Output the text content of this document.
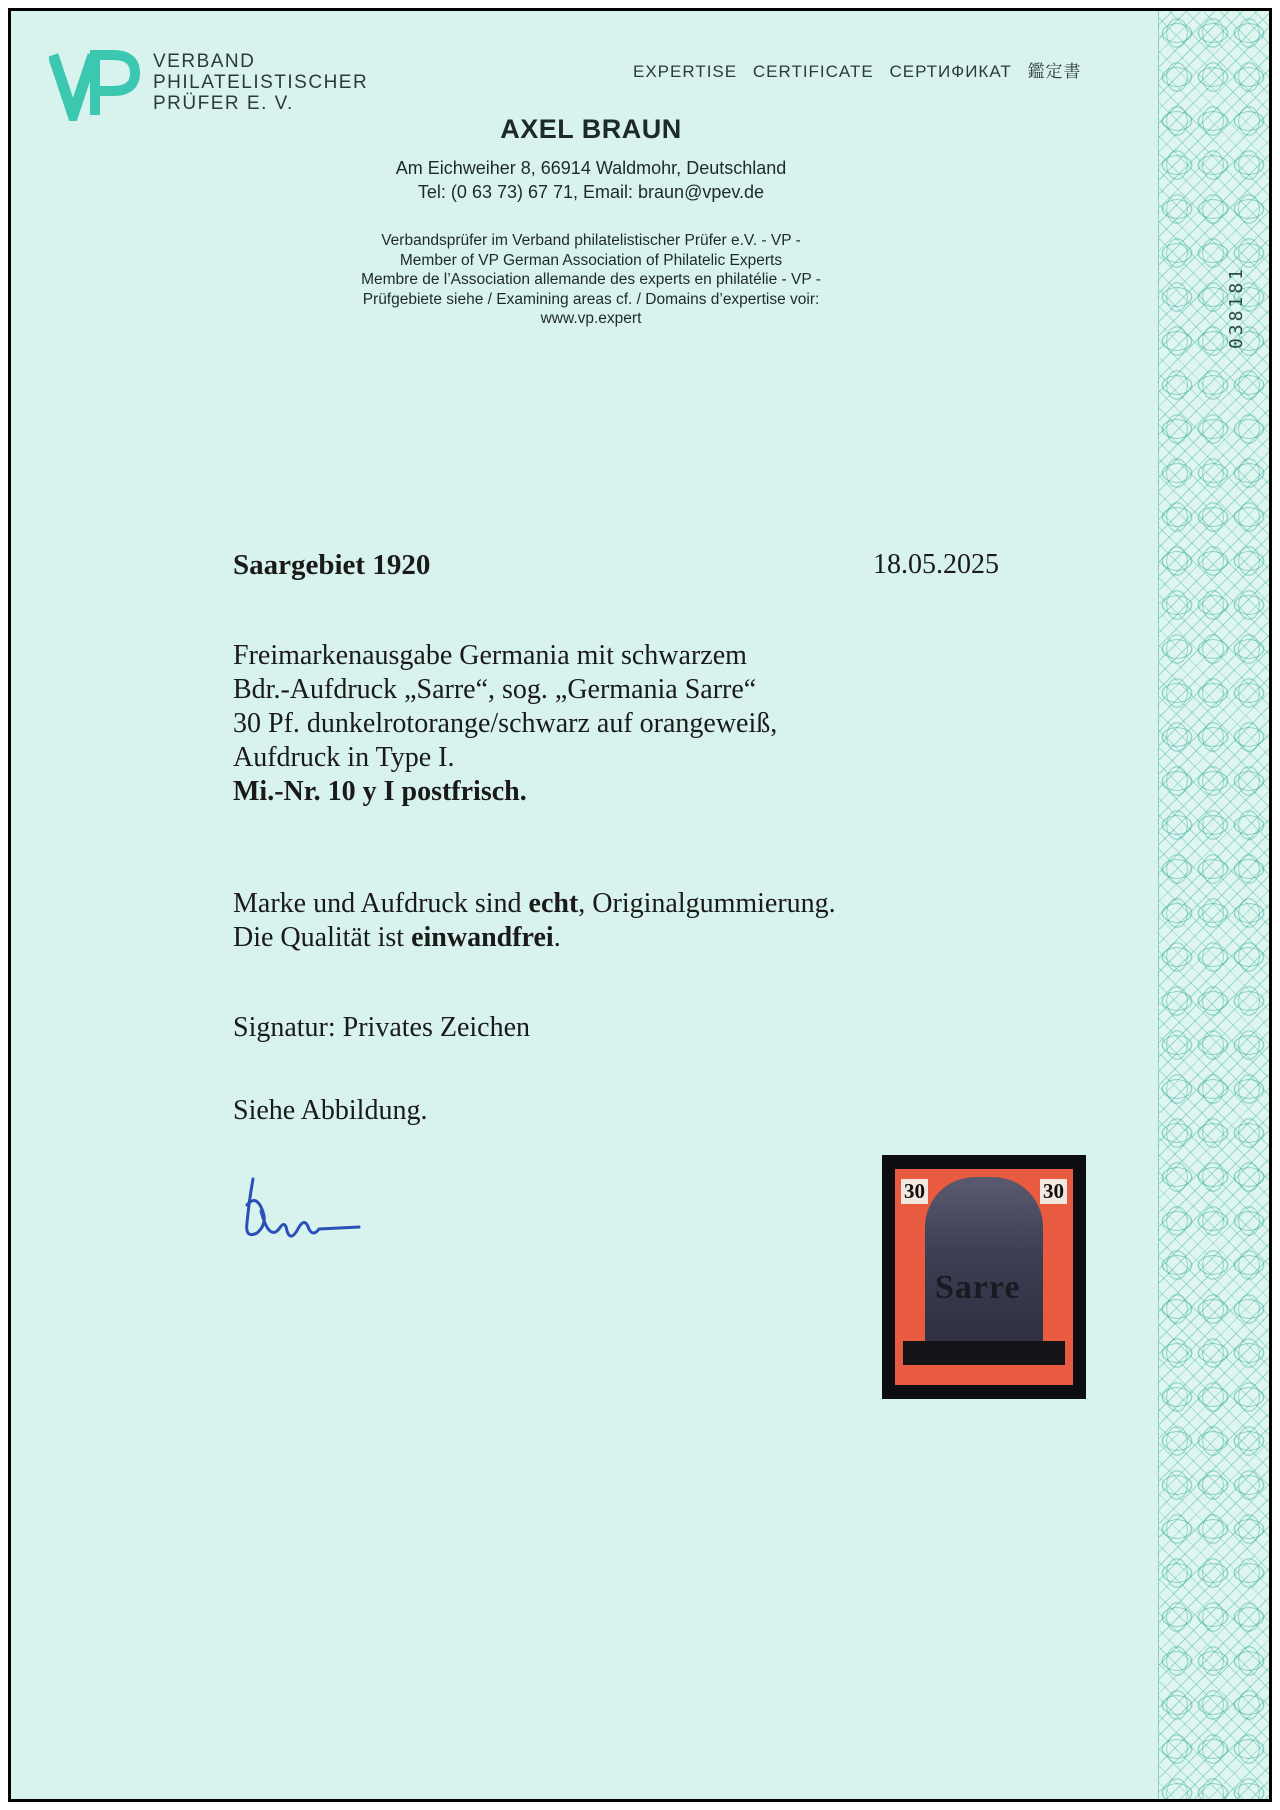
VERBAND
PHILATELISTISCHER
PRÜFER E. V.
EXPERTISE CERTIFICATE СЕРТИФИКАТ 鑑定書
AXEL BRAUN
Am Eichweiher 8, 66914 Waldmohr, Deutschland
Tel: (0 63 73) 67 71, Email: braun@vpev.de
Verbandsprüfer im Verband philatelistischer Prüfer e.V. - VP -
Member of VP German Association of Philatelic Experts
Membre de l’Association allemande des experts en philatélie - VP -
Prüfgebiete siehe / Examining areas cf. / Domains d’expertise voir:
www.vp.expert
Saargebiet 1920	18.05.2025
Freimarkenausgabe Germania mit schwarzem
Bdr.-Aufdruck „Sarre“, sog. „Germania Sarre“
30 Pf. dunkelrotorange/schwarz auf orangeweiß,
Aufdruck in Type I.
Mi.-Nr. 10 y I postfrisch.
Marke und Aufdruck sind echt, Originalgummierung.
Die Qualität ist einwandfrei.
Signatur: Privates Zeichen
Siehe Abbildung.
30	30
Sarre
038181
